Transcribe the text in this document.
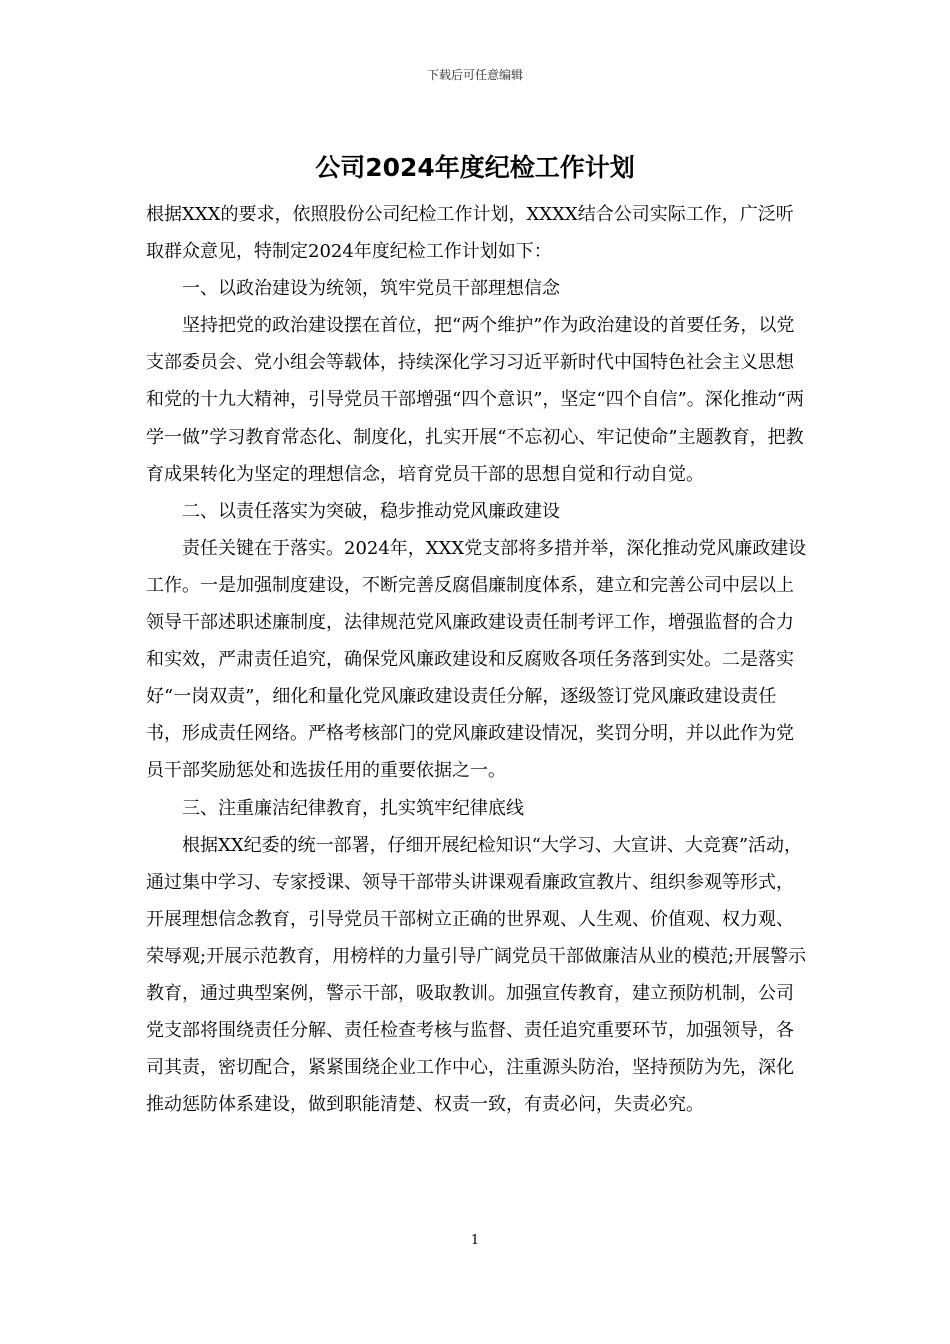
下载后可任意编辑
公司2024年度纪检工作计划

根据XXX的要求，依照股份公司纪检工作计划，XXXX结合公司实际工作，广泛听取群众意见，特制定2024年度纪检工作计划如下：

一、以政治建设为统领，筑牢党员干部理想信念

坚持把党的政治建设摆在首位，把“两个维护”作为政治建设的首要任务，以党支部委员会、党小组会等载体，持续深化学习习近平新时代中国特色社会主义思想和党的十九大精神，引导党员干部增强“四个意识”，坚定“四个自信”。深化推动“两学一做”学习教育常态化、制度化，扎实开展“不忘初心、牢记使命”主题教育，把教育成果转化为坚定的理想信念，培育党员干部的思想自觉和行动自觉。

二、以责任落实为突破，稳步推动党风廉政建设

责任关键在于落实。2024年，XXX党支部将多措并举，深化推动党风廉政建设工作。一是加强制度建设，不断完善反腐倡廉制度体系，建立和完善公司中层以上领导干部述职述廉制度，法律规范党风廉政建设责任制考评工作，增强监督的合力和实效，严肃责任追究，确保党风廉政建设和反腐败各项任务落到实处。二是落实好“一岗双责”，细化和量化党风廉政建设责任分解，逐级签订党风廉政建设责任书，形成责任网络。严格考核部门的党风廉政建设情况，奖罚分明，并以此作为党员干部奖励惩处和选拔任用的重要依据之一。

三、注重廉洁纪律教育，扎实筑牢纪律底线

根据XX纪委的统一部署，仔细开展纪检知识“大学习、大宣讲、大竞赛”活动，通过集中学习、专家授课、领导干部带头讲课观看廉政宣教片、组织参观等形式，开展理想信念教育，引导党员干部树立正确的世界观、人生观、价值观、权力观、荣辱观;开展示范教育，用榜样的力量引导广阔党员干部做廉洁从业的模范;开展警示教育，通过典型案例，警示干部，吸取教训。加强宣传教育，建立预防机制，公司党支部将围绕责任分解、责任检查考核与监督、责任追究重要环节，加强领导，各司其责，密切配合，紧紧围绕企业工作中心，注重源头防治，坚持预防为先，深化推动惩防体系建设，做到职能清楚、权责一致，有责必问，失责必究。

1
